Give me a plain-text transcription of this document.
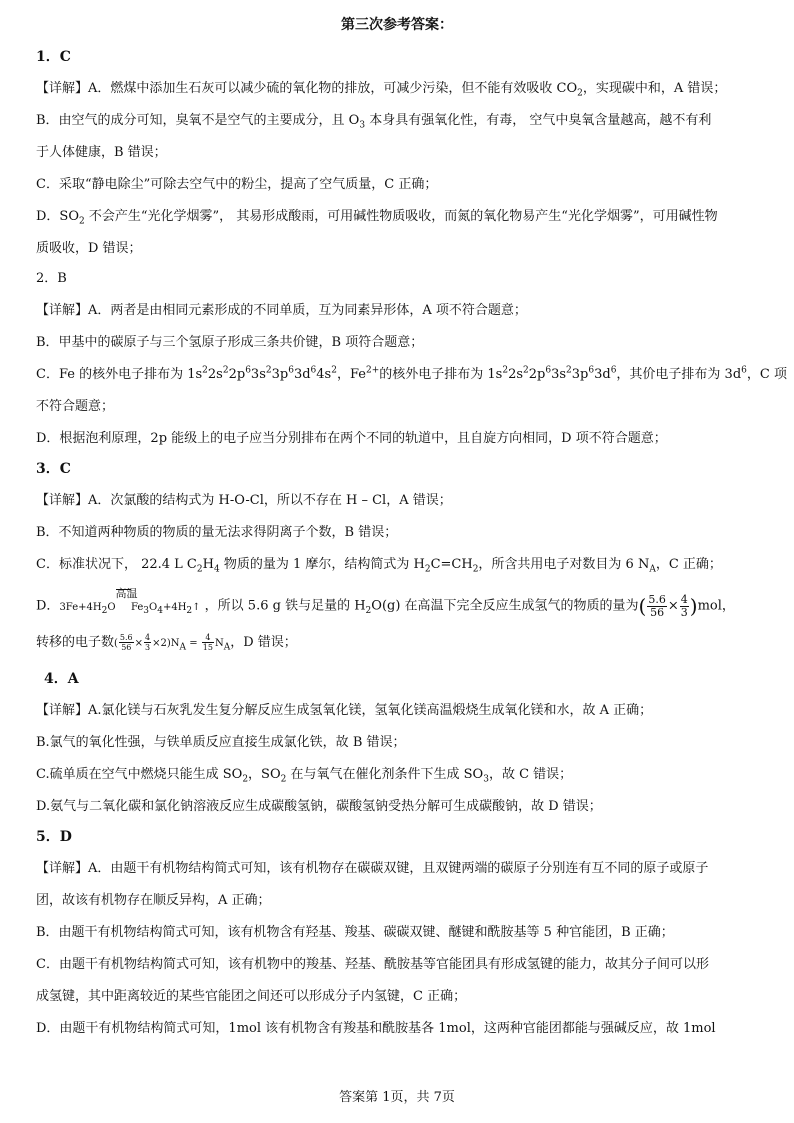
第三次参考答案：
1．C
【详解】A．燃煤中添加生石灰可以减少硫的氧化物的排放，可减少污染，但不能有效吸收 $CO_2$，实现碳中和，A 错误；
B．由空气的成分可知，臭氧不是空气的主要成分，且 $O_3$ 本身具有强氧化性，有毒， 空气中臭氧含量越高，越不有利
于人体健康，B 错误；
C．采取“静电除尘”可除去空气中的粉尘，提高了空气质量，C 正确；
D．$SO_2$ 不会产生“光化学烟雾”， 其易形成酸雨，可用碱性物质吸收，而氮的氧化物易产生“光化学烟雾”，可用碱性物
质吸收，D 错误；
2．B
【详解】A．两者是由相同元素形成的不同单质，互为同素异形体，A 项不符合题意；
B．甲基中的碳原子与三个氢原子形成三条共价键，B 项符合题意；
C．Fe 的核外电子排布为 $1s^22s^22p^63s^23p^63d^64s^2$，$Fe^{2+}$的核外电子排布为 $1s^22s^22p^63s^23p^63d^6$，其价电子排布为 $3d^6$，C 项
不符合题意；
D．根据泡利原理，2p 能级上的电子应当分别排布在两个不同的轨道中，且自旋方向相同，D 项不符合题意；
3．C
【详解】A．次氯酸的结构式为 H-O-Cl，所以不存在 H – Cl，A 错误；
B．不知道两种物质的物质的量无法求得阴离子个数，B 错误；
C．标准状况下， 22.4 L $C_2H_4$ 物质的量为 1 摩尔，结构简式为 $H_2C=CH_2$，所含共用电子对数目为 6 $N_A$，C 正确；
D．$3Fe+4H_2O$
高温
$Fe_3O_4+4H_2↑$ ，所以 5.6 g 铁与足量的 $H_2O(g)$ 在高温下完全反应生成氢气的物质的量为( $\frac{5.6}{56} \times \frac{4}{3} )mol$，
转移的电子数( $\frac{5.6}{56} \times \frac{4}{3} \times 2)N_A = \frac{4}{15} N_A$，D 错误；
4．A
【详解】A.氯化镁与石灰乳发生复分解反应生成氢氧化镁，氢氧化镁高温煅烧生成氧化镁和水，故 A 正确；
B.氯气的氧化性强，与铁单质反应直接生成氯化铁，故 B 错误；
C.硫单质在空气中燃烧只能生成 $SO_2$，$SO_2$ 在与氧气在催化剂条件下生成 $SO_3$，故 C 错误；
D.氨气与二氧化碳和氯化钠溶液反应生成碳酸氢钠，碳酸氢钠受热分解可生成碳酸钠，故 D 错误；
5．D
【详解】A．由题干有机物结构简式可知，该有机物存在碳碳双键，且双键两端的碳原子分别连有互不同的原子或原子
团，故该有机物存在顺反异构，A 正确；
B．由题干有机物结构简式可知，该有机物含有羟基、羧基、碳碳双键、醚键和酰胺基等 5 种官能团，B 正确；
C．由题干有机物结构简式可知，该有机物中的羧基、羟基、酰胺基等官能团具有形成氢键的能力，故其分子间可以形
成氢键，其中距离较近的某些官能团之间还可以形成分子内氢键，C 正确；
D．由题干有机物结构简式可知，1mol 该有机物含有羧基和酰胺基各 1mol，这两种官能团都能与强碱反应，故 1mol
答案第 1页，共 7页
